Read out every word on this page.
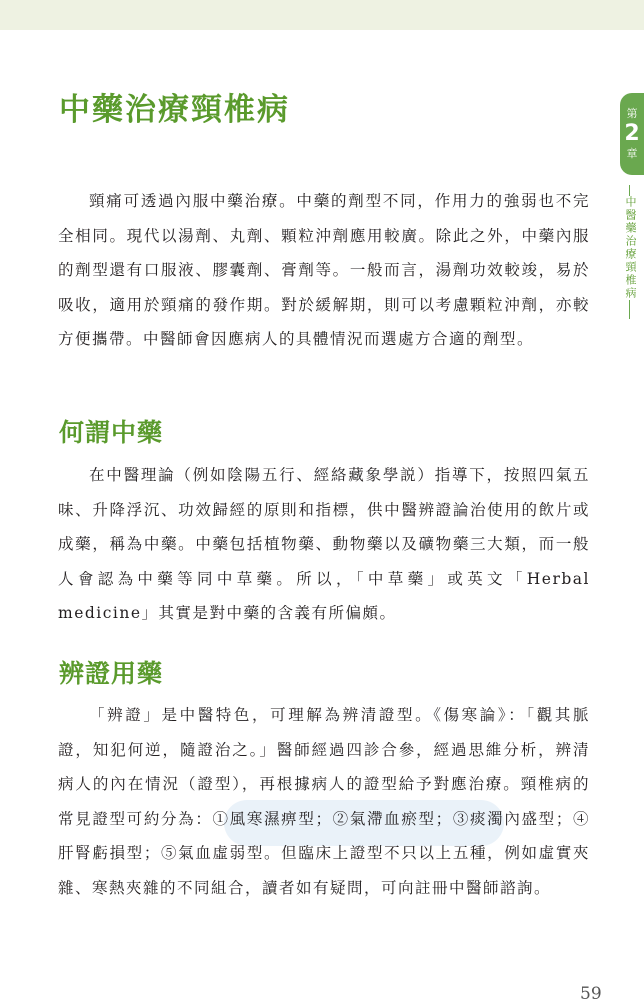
中藥治療頸椎病	第
2
章
中醫藥治療頸椎病

頸痛可透過內服中藥治療。中藥的劑型不同，作用力的強弱也不完全相同。現代以湯劑、丸劑、顆粒沖劑應用較廣。除此之外，中藥內服的劑型還有口服液、膠囊劑、膏劑等。一般而言，湯劑功效較竣，易於吸收，適用於頸痛的發作期。對於緩解期，則可以考慮顆粒沖劑，亦較方便攜帶。中醫師會因應病人的具體情況而選處方合適的劑型。

何謂中藥

在中醫理論（例如陰陽五行、經絡藏象學説）指導下，按照四氣五味、升降浮沉、功效歸經的原則和指標，供中醫辨證論治使用的飲片或成藥，稱為中藥。中藥包括植物藥、動物藥以及礦物藥三大類，而一般人會認為中藥等同中草藥。所以，「中草藥」或英文「Herbal medicine」其實是對中藥的含義有所偏頗。

辨證用藥

「辨證」是中醫特色，可理解為辨清證型。《傷寒論》：「觀其脈證，知犯何逆，隨證治之。」醫師經過四診合參，經過思維分析，辨清病人的內在情況（證型），再根據病人的證型給予對應治療。頸椎病的常見證型可約分為：①風寒濕痹型；②氣滯血瘀型；③痰濁內盛型；④肝腎虧損型；⑤氣血虛弱型。但臨床上證型不只以上五種，例如虛實夾雜、寒熱夾雜的不同組合，讀者如有疑問，可向註冊中醫師諮詢。

59
